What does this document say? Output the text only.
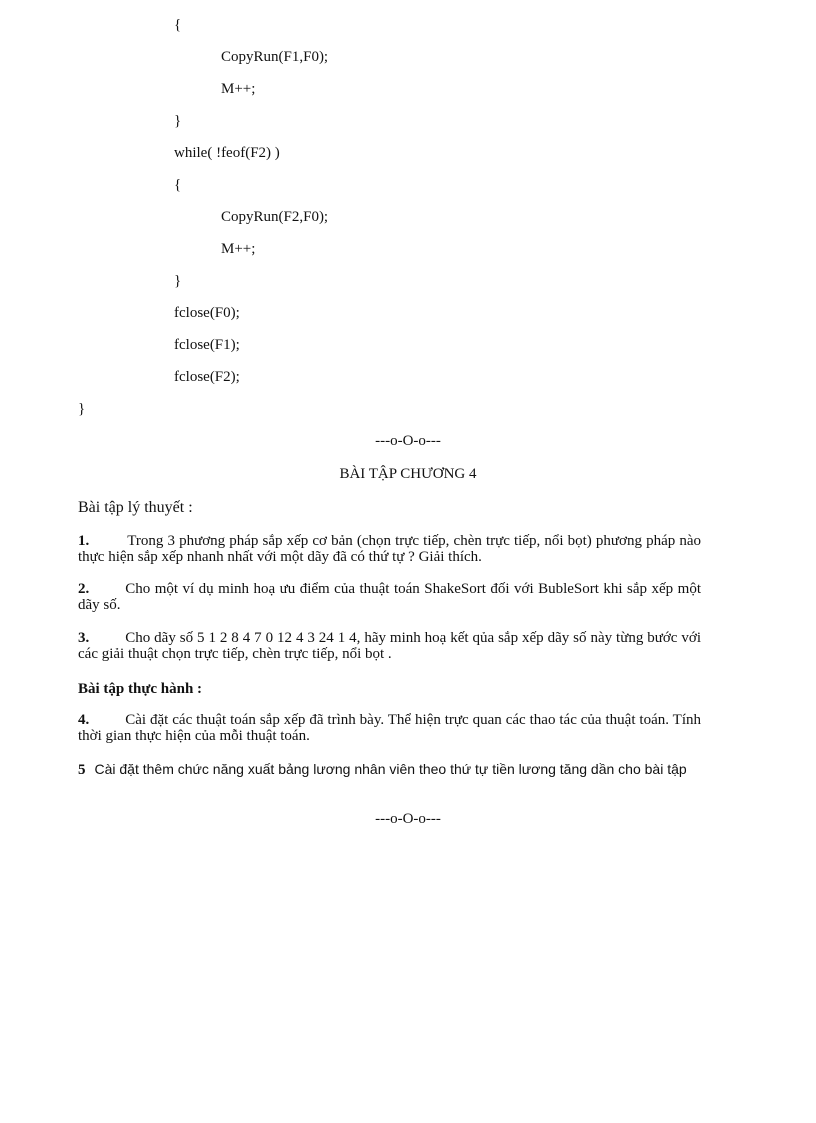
{
CopyRun(F1,F0);
M++;
}
while( !feof(F2) )
{
CopyRun(F2,F0);
M++;
}
fclose(F0);
fclose(F1);
fclose(F2);
}
---o-O-o---
BÀI TẬP CHƯƠNG 4
Bài tập lý thuyết :
1.	Trong 3 phương pháp sắp xếp cơ bản (chọn trực tiếp, chèn trực tiếp, nổi bọt) phương pháp nào thực hiện sắp xếp nhanh nhất với một dãy đã có thứ tự ? Giải thích.
2. Cho một ví dụ minh hoạ ưu điểm của thuật toán ShakeSort đối với BubleSort khi sắp xếp một dãy số.
3. Cho dãy số 5 1 2 8 4 7 0 12 4 3 24 1 4, hãy minh hoạ kết qủa sắp xếp dãy số này từng bước với các giải thuật chọn trực tiếp, chèn trực tiếp, nổi bọt .
Bài tập thực hành :
4. Cài đặt các thuật toán sắp xếp đã trình bày. Thể hiện trực quan các thao tác của thuật toán. Tính thời gian thực hiện của mỗi thuật toán.
5 Cài đặt thêm chức năng xuất bảng lương nhân viên theo thứ tự tiền lương tăng dần cho bài tập
---o-O-o---
